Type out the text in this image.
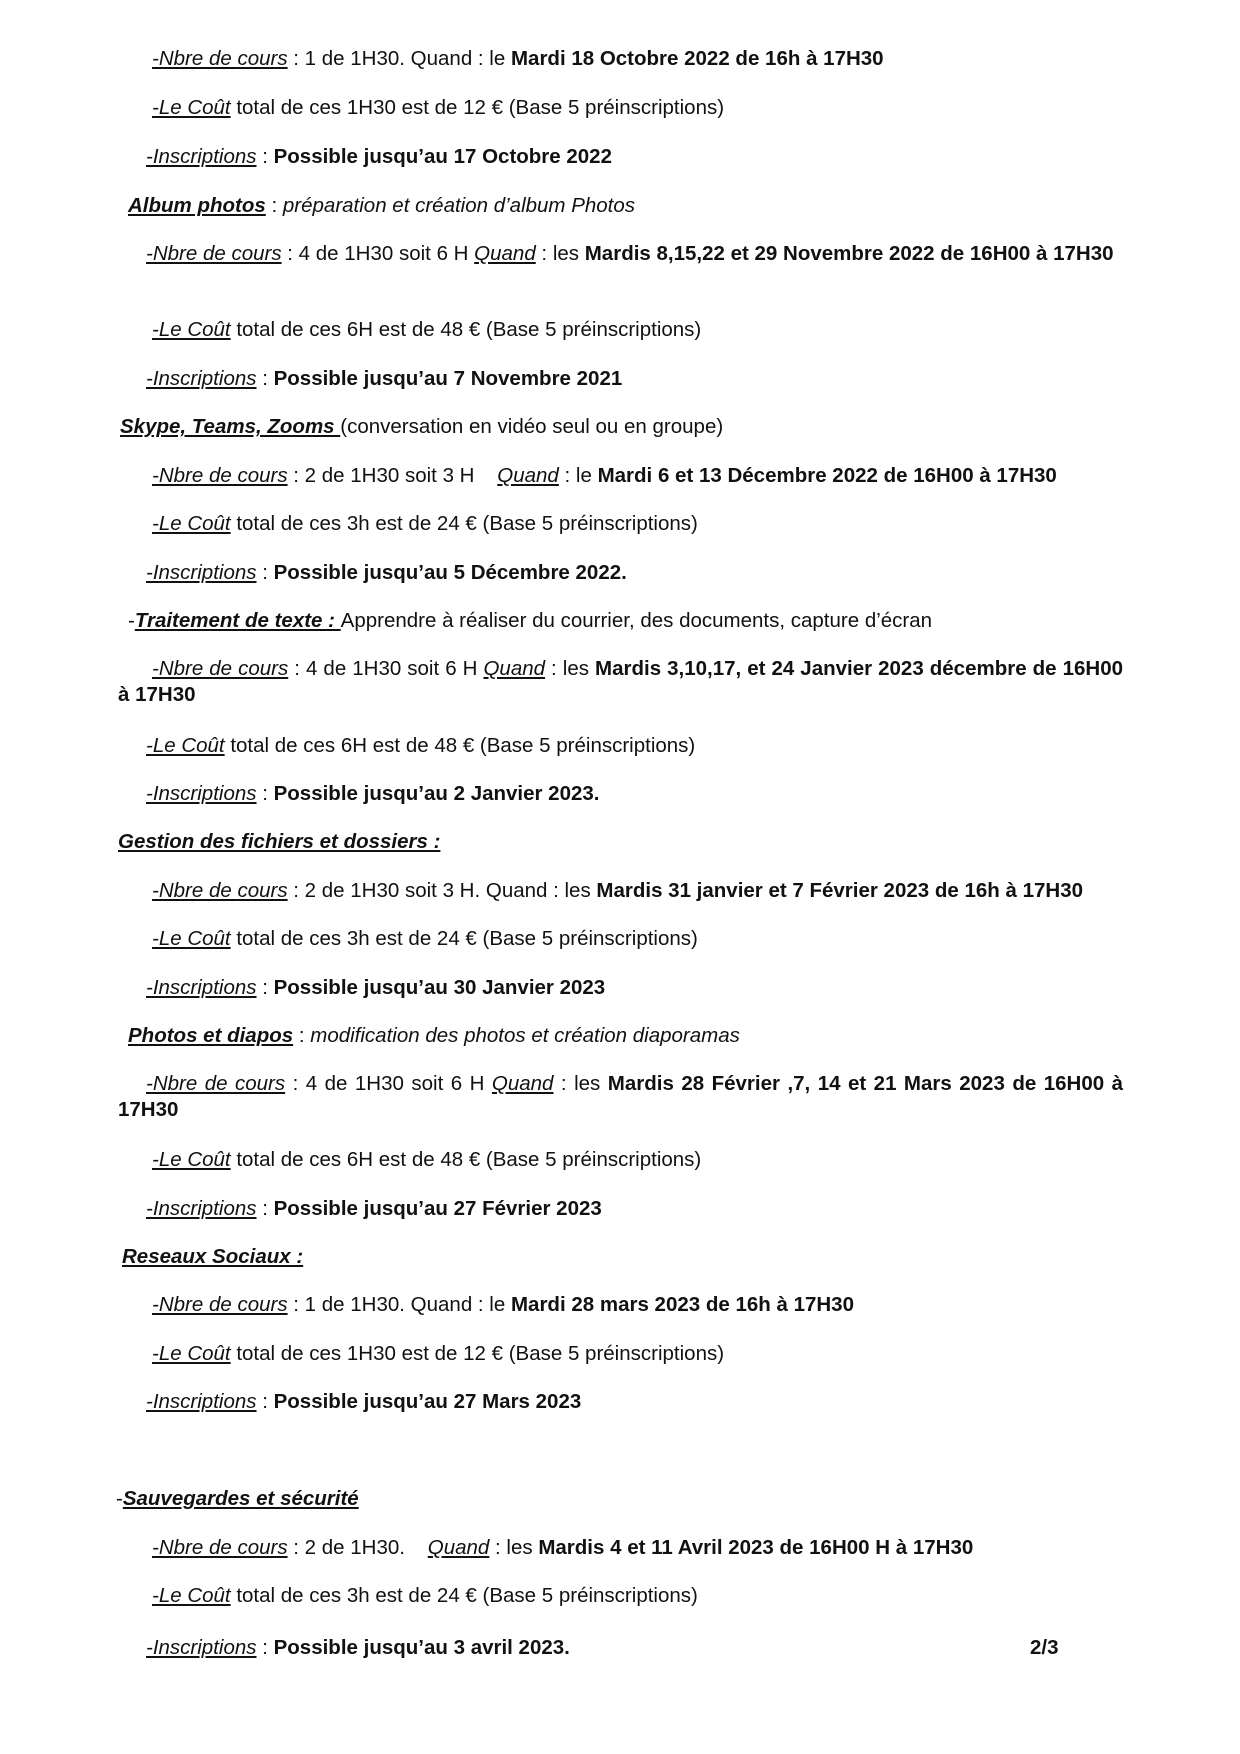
-Nbre de cours : 1 de 1H30. Quand : le Mardi 18 Octobre 2022 de 16h à 17H30
-Le Coût total de ces 1H30 est de 12 € (Base 5 préinscriptions)
-Inscriptions : Possible jusqu’au 17 Octobre 2022
Album photos : préparation et création d’album Photos
-Nbre de cours : 4 de 1H30 soit 6 H Quand : les Mardis 8,15,22 et 29 Novembre 2022 de 16H00 à 17H30
-Le Coût total de ces 6H est de 48 € (Base 5 préinscriptions)
-Inscriptions : Possible jusqu’au 7 Novembre 2021
Skype, Teams, Zooms (conversation en vidéo seul ou en groupe)
-Nbre de cours : 2 de 1H30 soit 3 H    Quand : le Mardi 6 et 13 Décembre 2022 de 16H00 à 17H30
-Le Coût total de ces 3h est de 24 € (Base 5 préinscriptions)
-Inscriptions : Possible jusqu’au 5 Décembre 2022.
-Traitement de texte : Apprendre à réaliser du courrier, des documents, capture d’écran
-Nbre de cours : 4 de 1H30 soit 6 H Quand : les Mardis 3,10,17, et 24 Janvier 2023 décembre de 16H00 à 17H30
-Le Coût total de ces 6H est de 48 € (Base 5 préinscriptions)
-Inscriptions : Possible jusqu’au 2 Janvier 2023.
Gestion des fichiers et dossiers :
-Nbre de cours : 2 de 1H30 soit 3 H. Quand : les Mardis 31 janvier et 7 Février 2023 de 16h à 17H30
-Le Coût total de ces 3h est de 24 € (Base 5 préinscriptions)
-Inscriptions : Possible jusqu’au 30 Janvier 2023
Photos et diapos : modification des photos et création diaporamas
-Nbre de cours : 4 de 1H30 soit 6 H Quand : les Mardis 28 Février ,7, 14 et 21 Mars 2023 de 16H00 à 17H30
-Le Coût total de ces 6H est de 48 € (Base 5 préinscriptions)
-Inscriptions : Possible jusqu’au 27 Février 2023
Reseaux Sociaux :
-Nbre de cours : 1 de 1H30. Quand : le Mardi 28 mars 2023 de 16h à 17H30
-Le Coût total de ces 1H30 est de 12 € (Base 5 préinscriptions)
-Inscriptions : Possible jusqu’au 27 Mars 2023
-Sauvegardes et sécurité
-Nbre de cours : 2 de 1H30.    Quand : les Mardis 4 et 11 Avril 2023 de 16H00 H à 17H30
-Le Coût total de ces 3h est de 24 € (Base 5 préinscriptions)
-Inscriptions : Possible jusqu’au 3 avril 2023.	2/3
